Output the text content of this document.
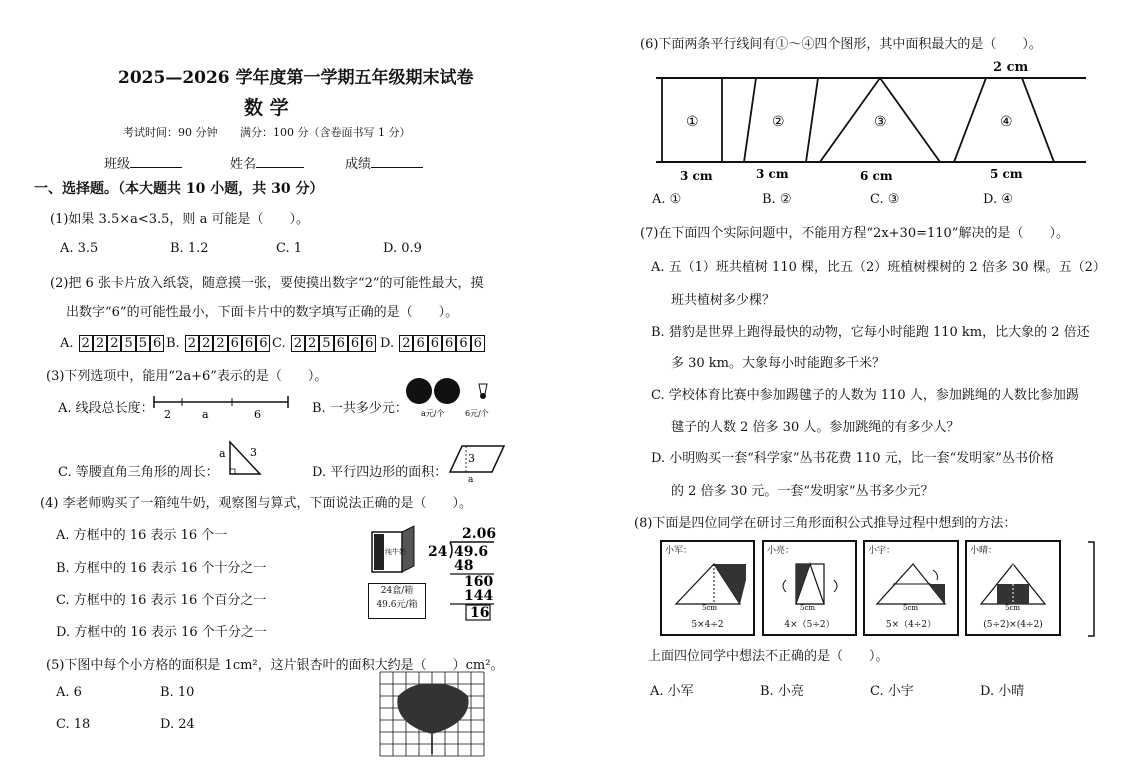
2025—2026 学年度第一学期五年级期末试卷
数 学
考试时间：90 分钟 满分：100 分（含卷面书写 1 分）
班级	姓名	成绩
一、选择题。（本大题共 10 小题，共 30 分）
(1)如果 3.5×a<3.5，则 a 可能是（　　）。
A. 3.5	B. 1.2	C. 1	D. 0.9
(2)把 6 张卡片放入纸袋，随意摸一张，要使摸出数字“2”的可能性最大，摸
出数字“6”的可能性最小，下面卡片中的数字填写正确的是（　　）。
A. 2 2 2 5 5 6 B. 2 2 2 6 6 6 C. 2 2 5 6 6 6 D. 2 6 6 6 6 6
(3)下列选项中，能用“2a+6”表示的是（　　）。
A. 线段总长度： 2	a	6	B. 一共多少元： a元/个	6元/个
C. 等腰直角三角形的周长：
a 3
D. 平行四边形的面积：
3
a
(4) 李老师购买了一箱纯牛奶，观察图与算式，下面说法正确的是（　　）。
A. 方框中的 16 表示 16 个一
B. 方框中的 16 表示 16 个十分之一
C. 方框中的 16 表示 16 个百分之一
D. 方框中的 16 表示 16 个千分之一
纯牛奶
24盒/箱
49.6元/箱
2.06
24 49.6
48
160
144
16
(5)下图中每个小方格的面积是 1cm²，这片银杏叶的面积大约是（　　）cm²。
A. 6	B. 10
C. 18	D. 24
(6)下面两条平行线间有①～④四个图形，其中面积最大的是（　　）。
2 cm
①	②	③	④
3 cm	3 cm	6 cm	5 cm
A. ①	B. ②	C. ③	D. ④
(7)在下面四个实际问题中，不能用方程“2x+30=110”解决的是（　　）。
A. 五（1）班共植树 110 棵，比五（2）班植树棵树的 2 倍多 30 棵。五（2）
班共植树多少棵？
B. 猎豹是世界上跑得最快的动物，它每小时能跑 110 km，比大象的 2 倍还
多 30 km。大象每小时能跑多千米？
C. 学校体育比赛中参加踢毽子的人数为 110 人，参加跳绳的人数比参加踢
毽子的人数 2 倍多 30 人。参加跳绳的有多少人？
D. 小明购买一套“科学家”丛书花费 110 元，比一套“发明家”丛书价格
的 2 倍多 30 元。一套“发明家”丛书多少元？
(8)下面是四位同学在研讨三角形面积公式推导过程中想到的方法：
小军：
5cm
5×4÷2
小亮：
5cm
4×（5÷2）
小宇：
5cm
5×（4÷2）
小晴：
5cm
(5÷2)×(4÷2)
上面四位同学中想法不正确的是（　　）。
A. 小军	B. 小亮	C. 小宇	D. 小晴
